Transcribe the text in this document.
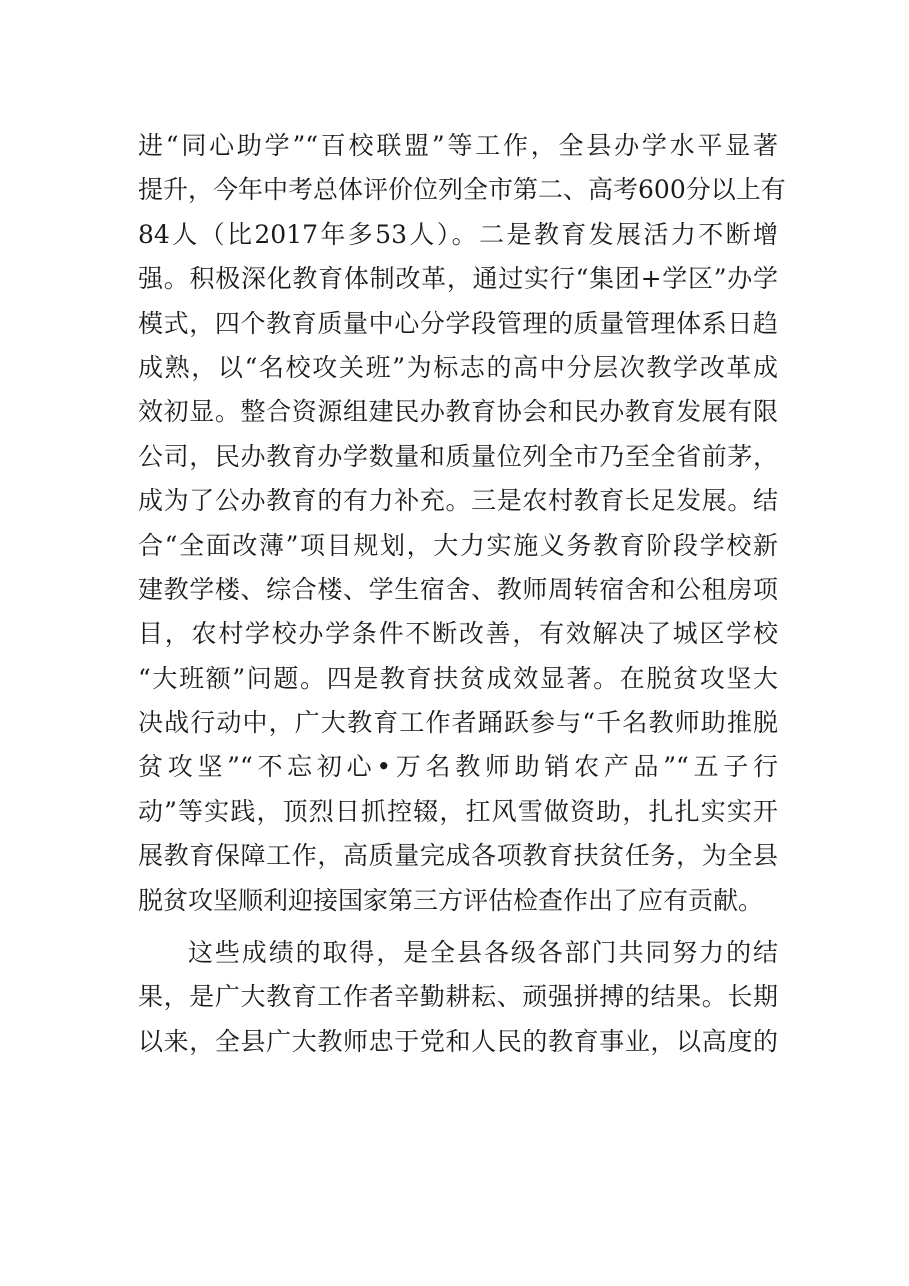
进“同心助学”“百校联盟”等工作，全县办学水平显著
提升，今年中考总体评价位列全市第二、高考600分以上有
84人（比2017年多53人）。二是教育发展活力不断增
强。积极深化教育体制改革，通过实行“集团+学区”办学
模式，四个教育质量中心分学段管理的质量管理体系日趋
成熟，以“名校攻关班”为标志的高中分层次教学改革成
效初显。整合资源组建民办教育协会和民办教育发展有限
公司，民办教育办学数量和质量位列全市乃至全省前茅，
成为了公办教育的有力补充。三是农村教育长足发展。结
合“全面改薄”项目规划，大力实施义务教育阶段学校新
建教学楼、综合楼、学生宿舍、教师周转宿舍和公租房项
目，农村学校办学条件不断改善，有效解决了城区学校
“大班额”问题。四是教育扶贫成效显著。在脱贫攻坚大
决战行动中，广大教育工作者踊跃参与“千名教师助推脱
贫攻坚”“不忘初心•万名教师助销农产品”“五子行
动”等实践，顶烈日抓控辍，扛风雪做资助，扎扎实实开
展教育保障工作，高质量完成各项教育扶贫任务，为全县
脱贫攻坚顺利迎接国家第三方评估检查作出了应有贡献。
这些成绩的取得，是全县各级各部门共同努力的结
果，是广大教育工作者辛勤耕耘、顽强拼搏的结果。长期
以来，全县广大教师忠于党和人民的教育事业，以高度的
